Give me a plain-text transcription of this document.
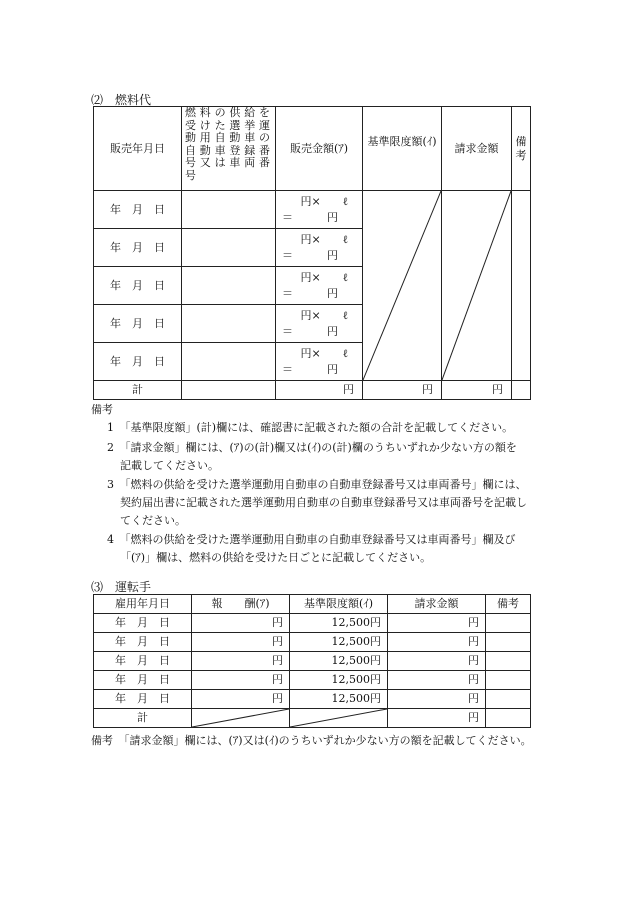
⑵　燃料代
販売年月日	燃料の供給を受けた選挙運動用自動車の自動車登録番号又は車両番号	販売金額(ｱ)	基準限度額(ｲ)	請求金額	備考
年　月　日		円×　　ℓ
＝ 円

年　月　日		円×　　ℓ
＝ 円			

年　月　日		円×　　ℓ
＝ 円			

年　月　日		円×　　ℓ
＝ 円			

年　月　日		円×　　ℓ
＝ 円			

計		円	円	円	
備考
1　「基準限度額」(計)欄には、確認書に記載された額の合計を記載してください。
2　「請求金額」欄には、(ｱ)の(計)欄又は(ｲ)の(計)欄のうちいずれか少ない方の額を
記載してください。
3　「燃料の供給を受けた選挙運動用自動車の自動車登録番号又は車両番号」欄には、
契約届出書に記載された選挙運動用自動車の自動車登録番号又は車両番号を記載し
てください。
4　「燃料の供給を受けた選挙運動用自動車の自動車登録番号又は車両番号」欄及び
「(ｱ)」欄は、燃料の供給を受けた日ごとに記載してください。
⑶　運転手
雇用年月日	報　　酬(ｱ)	基準限度額(ｲ)	請求金額	備考
年　月　日	円	12,500円	円	
年　月　日	円	12,500円	円	
年　月　日	円	12,500円	円	
年　月　日	円	12,500円	円	
年　月　日	円	12,500円	円	
計			円	
備考　「請求金額」欄には、(ｱ)又は(ｲ)のうちいずれか少ない方の額を記載してください。
